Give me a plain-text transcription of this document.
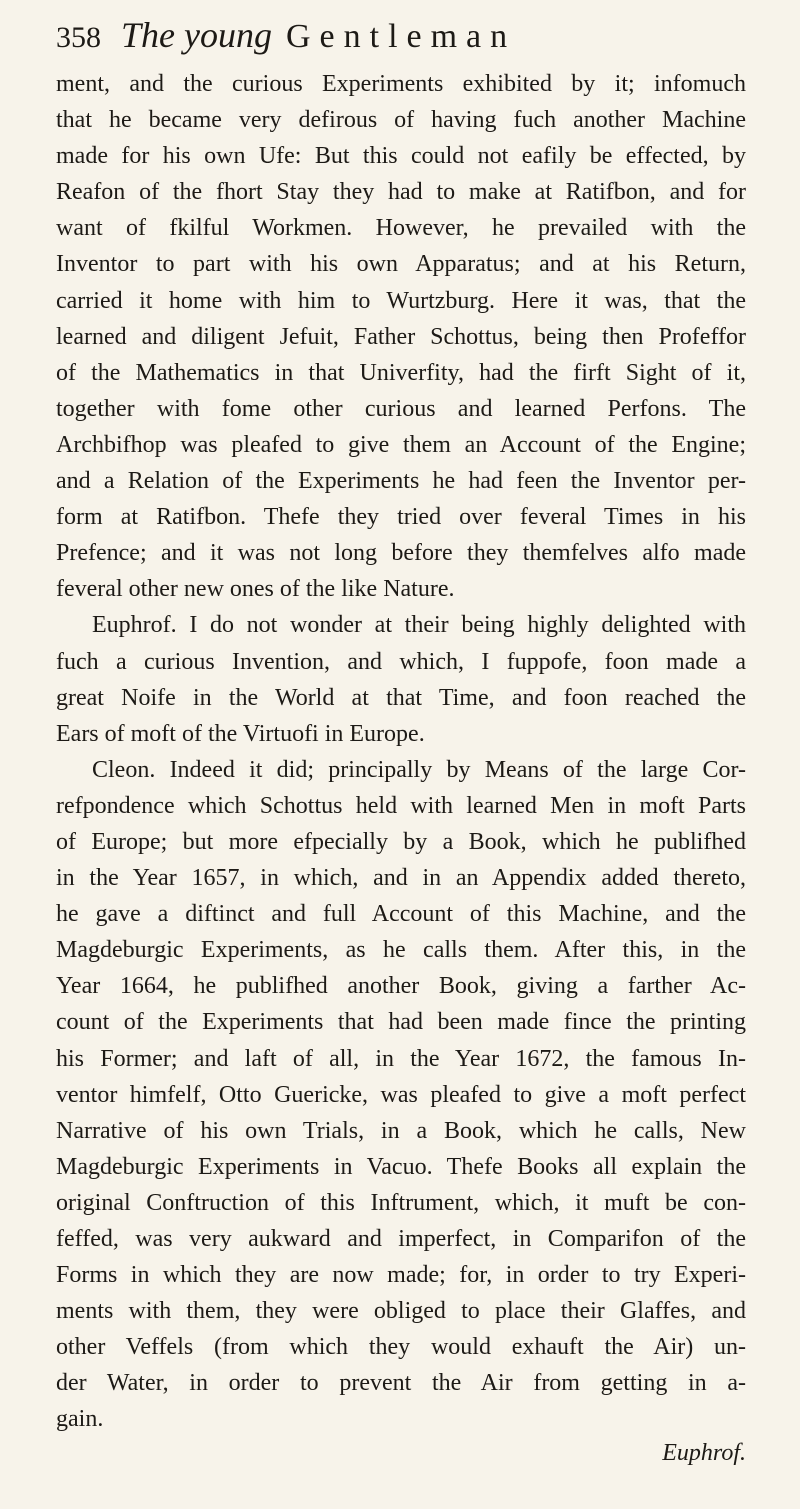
358 The young Gentleman
ment, and the curious Experiments exhibited by it; infomuch
that he became very defirous of having fuch another Machine
made for his own Ufe: But this could not eafily be effected, by
Reafon of the fhort Stay they had to make at Ratifbon, and for
want of fkilful Workmen. However, he prevailed with the
Inventor to part with his own Apparatus; and at his Return,
carried it home with him to Wurtzburg. Here it was, that the
learned and diligent Jefuit, Father Schottus, being then Profeffor
of the Mathematics in that Univerfity, had the firft Sight of it,
together with fome other curious and learned Perfons. The
Archbifhop was pleafed to give them an Account of the Engine;
and a Relation of the Experiments he had feen the Inventor per-
form at Ratifbon. Thefe they tried over feveral Times in his
Prefence; and it was not long before they themfelves alfo made
feveral other new ones of the like Nature.
Euphrof. I do not wonder at their being highly delighted with
fuch a curious Invention, and which, I fuppofe, foon made a
great Noife in the World at that Time, and foon reached the
Ears of moft of the Virtuofi in Europe.
Cleon. Indeed it did; principally by Means of the large Cor-
refpondence which Schottus held with learned Men in moft Parts
of Europe; but more efpecially by a Book, which he publifhed
in the Year 1657, in which, and in an Appendix added thereto,
he gave a diftinct and full Account of this Machine, and the
Magdeburgic Experiments, as he calls them. After this, in the
Year 1664, he publifhed another Book, giving a farther Ac-
count of the Experiments that had been made fince the printing
his Former; and laft of all, in the Year 1672, the famous In-
ventor himfelf, Otto Guericke, was pleafed to give a moft perfect
Narrative of his own Trials, in a Book, which he calls, New
Magdeburgic Experiments in Vacuo. Thefe Books all explain the
original Conftruction of this Inftrument, which, it muft be con-
feffed, was very aukward and imperfect, in Comparifon of the
Forms in which they are now made; for, in order to try Experi-
ments with them, they were obliged to place their Glaffes, and
other Veffels (from which they would exhauft the Air) un-
der Water, in order to prevent the Air from getting in a-
gain.
Euphrof.
